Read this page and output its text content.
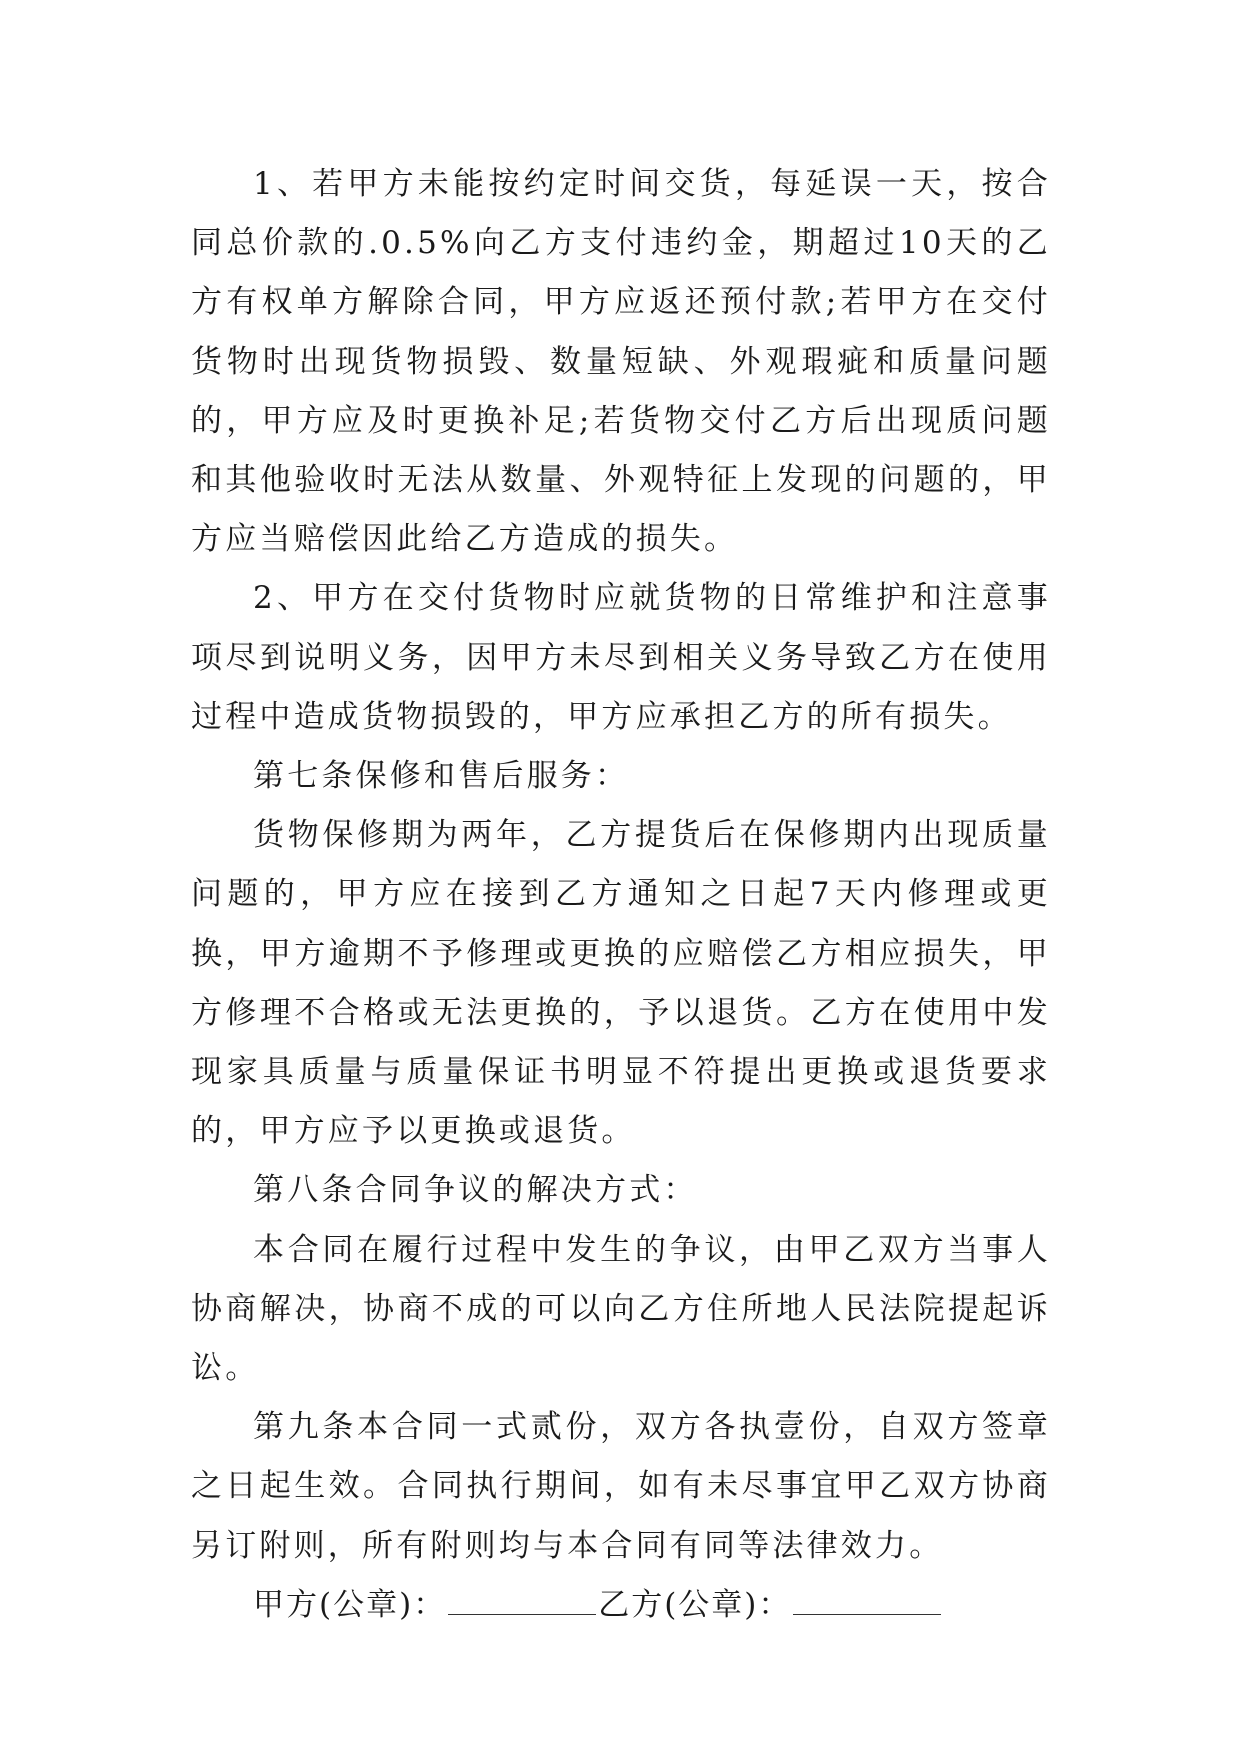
1、若甲方未能按约定时间交货，每延误一天，按合同总价款的.0.5%向乙方支付违约金，期超过10天的乙方有权单方解除合同，甲方应返还预付款;若甲方在交付货物时出现货物损毁、数量短缺、外观瑕疵和质量问题的，甲方应及时更换补足;若货物交付乙方后出现质问题和其他验收时无法从数量、外观特征上发现的问题的，甲方应当赔偿因此给乙方造成的损失。

2、甲方在交付货物时应就货物的日常维护和注意事项尽到说明义务，因甲方未尽到相关义务导致乙方在使用过程中造成货物损毁的，甲方应承担乙方的所有损失。

第七条保修和售后服务：

货物保修期为两年，乙方提货后在保修期内出现质量问题的，甲方应在接到乙方通知之日起7天内修理或更换，甲方逾期不予修理或更换的应赔偿乙方相应损失，甲方修理不合格或无法更换的，予以退货。乙方在使用中发现家具质量与质量保证书明显不符提出更换或退货要求的，甲方应予以更换或退货。

第八条合同争议的解决方式：

本合同在履行过程中发生的争议，由甲乙双方当事人协商解决，协商不成的可以向乙方住所地人民法院提起诉讼。

第九条本合同一式贰份，双方各执壹份，自双方签章之日起生效。合同执行期间，如有未尽事宜甲乙双方协商另订附则，所有附则均与本合同有同等法律效力。

甲方(公章)：	乙方(公章)：
